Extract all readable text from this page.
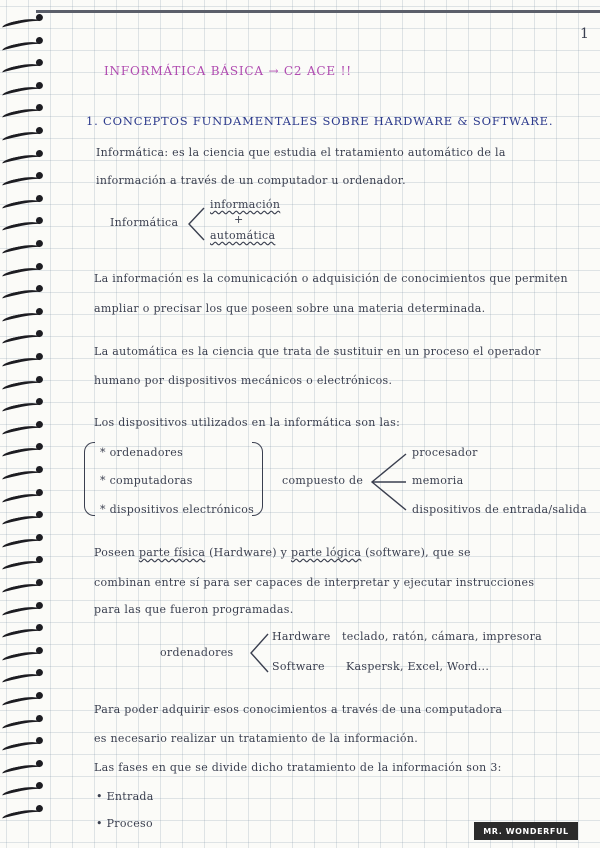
1
INFORMÁTICA BÁSICA → C2 ACE !!
1. CONCEPTOS FUNDAMENTALES SOBRE HARDWARE & SOFTWARE.
Informática: es la ciencia que estudia el tratamiento automático de la
información a través de un computador u ordenador.
Informática
información
+
automática
La información es la comunicación o adquisición de conocimientos que permiten
ampliar o precisar los que poseen sobre una materia determinada.
La automática es la ciencia que trata de sustituir en un proceso el operador
humano por dispositivos mecánicos o electrónicos.
Los dispositivos utilizados en la informática son las:
* ordenadores
* computadoras
* dispositivos electrónicos
compuesto de
procesador
memoria
dispositivos de entrada/salida
Poseen parte física (Hardware) y parte lógica (software), que se
combinan entre sí para ser capaces de interpretar y ejecutar instrucciones
para las que fueron programadas.
ordenadores
Hardware teclado, ratón, cámara, impresora
Software Kaspersk, Excel, Word...
Para poder adquirir esos conocimientos a través de una computadora
es necesario realizar un tratamiento de la información.
Las fases en que se divide dicho tratamiento de la información son 3:
• Entrada
• Proceso
MR. WONDERFUL
